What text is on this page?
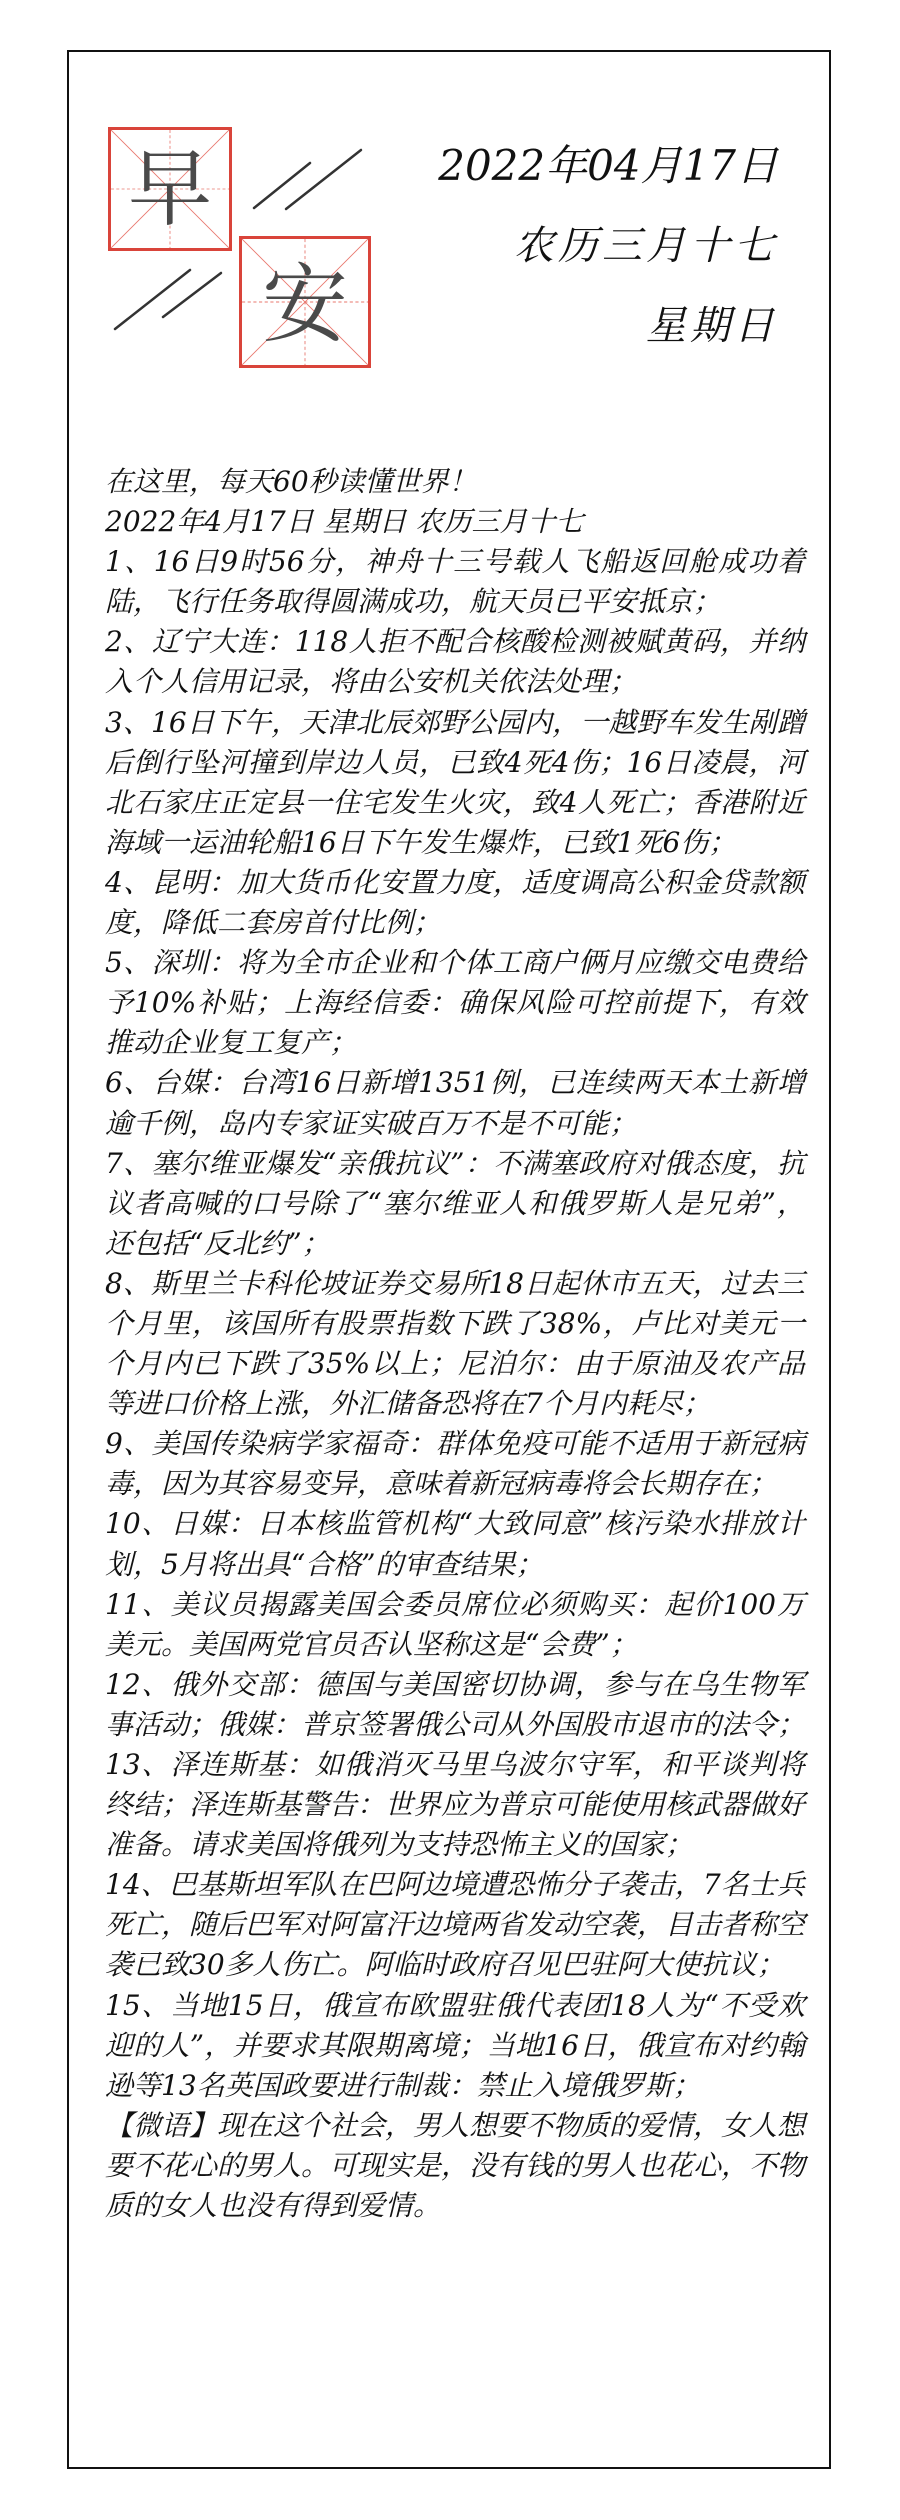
早
安
2022年04月17日
农历三月十七
星期日

在这里，每天60秒读懂世界！

2022年4月17日 星期日 农历三月十七

1、16日9时56分，神舟十三号载人飞船返回舱成功着陆，飞行任务取得圆满成功，航天员已平安抵京；

2、辽宁大连：118人拒不配合核酸检测被赋黄码，并纳入个人信用记录，将由公安机关依法处理；

3、16日下午，天津北辰郊野公园内，一越野车发生剐蹭后倒行坠河撞到岸边人员，已致4死4伤；16日凌晨，河北石家庄正定县一住宅发生火灾，致4人死亡；香港附近海域一运油轮船16日下午发生爆炸，已致1死6伤；

4、昆明：加大货币化安置力度，适度调高公积金贷款额度，降低二套房首付比例；

5、深圳：将为全市企业和个体工商户俩月应缴交电费给予10%补贴；上海经信委：确保风险可控前提下，有效推动企业复工复产；

6、台媒：台湾16日新增1351例，已连续两天本土新增逾千例，岛内专家证实破百万不是不可能；

7、塞尔维亚爆发“亲俄抗议”：不满塞政府对俄态度，抗议者高喊的口号除了“塞尔维亚人和俄罗斯人是兄弟”，还包括“反北约”；

8、斯里兰卡科伦坡证券交易所18日起休市五天，过去三个月里，该国所有股票指数下跌了38%，卢比对美元一个月内已下跌了35%以上；尼泊尔：由于原油及农产品等进口价格上涨，外汇储备恐将在7个月内耗尽；

9、美国传染病学家福奇：群体免疫可能不适用于新冠病毒，因为其容易变异，意味着新冠病毒将会长期存在；

10、日媒：日本核监管机构“大致同意”核污染水排放计划，5月将出具“合格”的审查结果；

11、美议员揭露美国会委员席位必须购买：起价100万美元。美国两党官员否认坚称这是“会费”；

12、俄外交部：德国与美国密切协调，参与在乌生物军事活动；俄媒：普京签署俄公司从外国股市退市的法令；

13、泽连斯基：如俄消灭马里乌波尔守军，和平谈判将终结；泽连斯基警告：世界应为普京可能使用核武器做好准备。请求美国将俄列为支持恐怖主义的国家；

14、巴基斯坦军队在巴阿边境遭恐怖分子袭击，7名士兵死亡，随后巴军对阿富汗边境两省发动空袭，目击者称空袭已致30多人伤亡。阿临时政府召见巴驻阿大使抗议；

15、当地15日，俄宣布欧盟驻俄代表团18人为“不受欢迎的人”，并要求其限期离境；当地16日，俄宣布对约翰逊等13名英国政要进行制裁：禁止入境俄罗斯；

【微语】现在这个社会，男人想要不物质的爱情，女人想要不花心的男人。可现实是，没有钱的男人也花心，不物质的女人也没有得到爱情。
